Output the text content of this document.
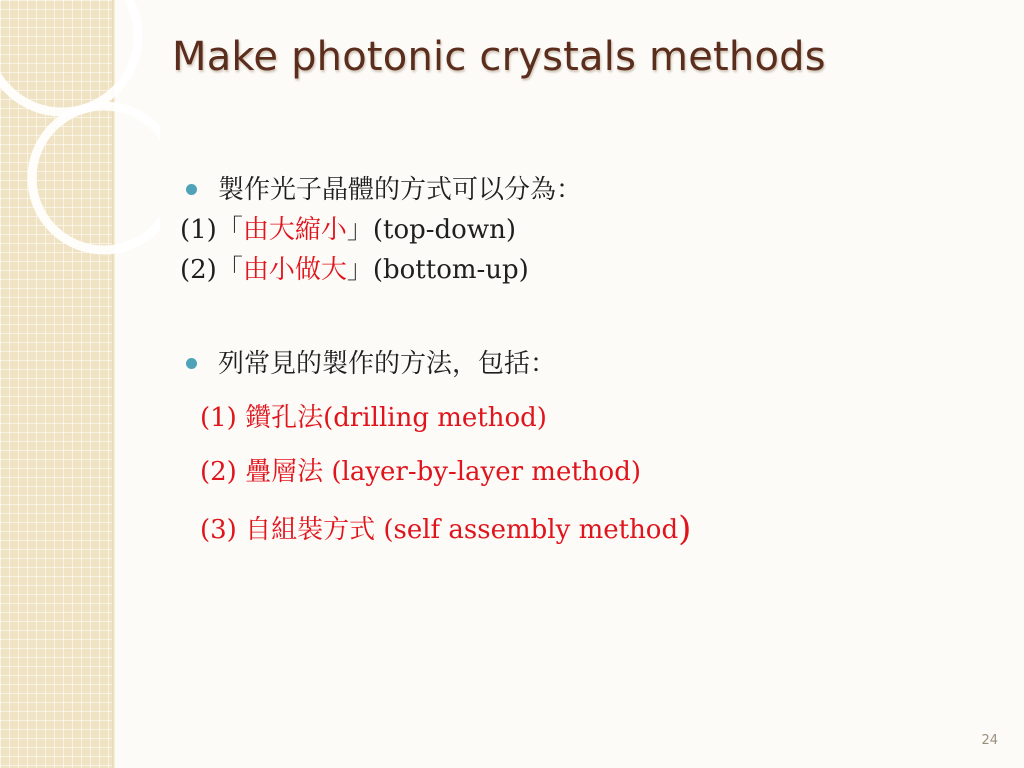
Make photonic crystals methods
製作光子晶體的方式可以分為：
(1)「由大縮小」(top-down)
(2)「由小做大」(bottom-up)
列常見的製作的方法，包括：
(1) 鑽孔法(drilling method)
(2) 疊層法 (layer-by-layer method)
(3) 自組裝方式 (self assembly method)
24
